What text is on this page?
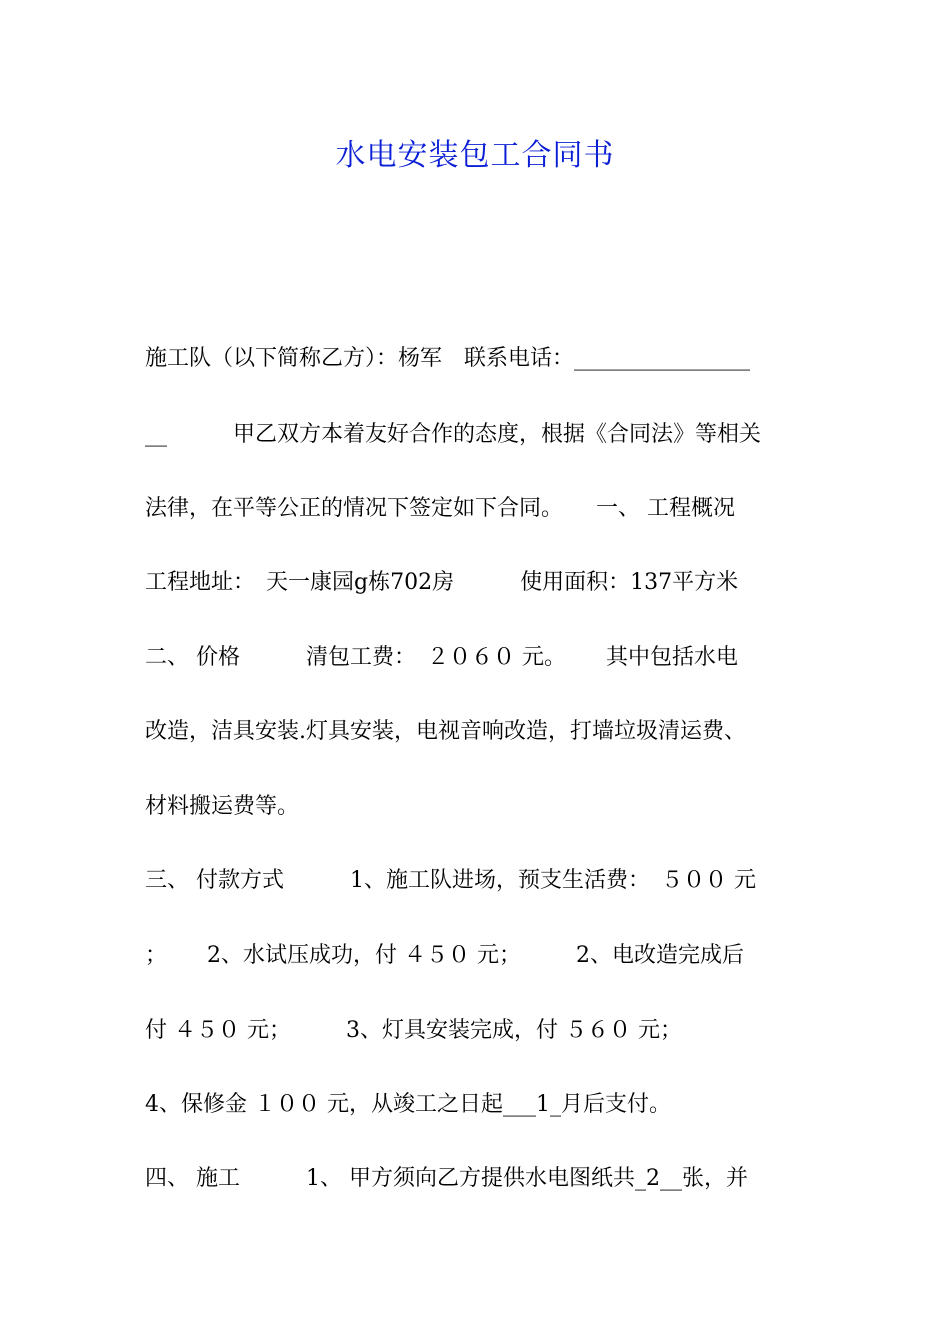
水电安装包工合同书
施工队（以下简称乙方）：杨军　联系电话：________________
__　　　甲乙双方本着友好合作的态度，根据《合同法》等相关
法律，在平等公正的情况下签定如下合同。　　一、 工程概况
工程地址：　天一康园g栋702房　　　使用面积：137平方米
二、 价格　　　清包工费：　２０６０ 元。　　 其中包括水电
改造，洁具安装.灯具安装，电视音响改造，打墙垃圾清运费、
材料搬运费等。
三、 付款方式　　　1、施工队进场，预支生活费：　５００ 元
；　　 2、水试压成功，付 ４５０ 元；　　　2、电改造完成后
付 ４５０ 元；　　　3、灯具安装完成，付 ５６０ 元；
4、保修金 １００ 元，从竣工之日起___1_月后支付。
四、 施工　　　1、 甲方须向乙方提供水电图纸共_2__张，并
